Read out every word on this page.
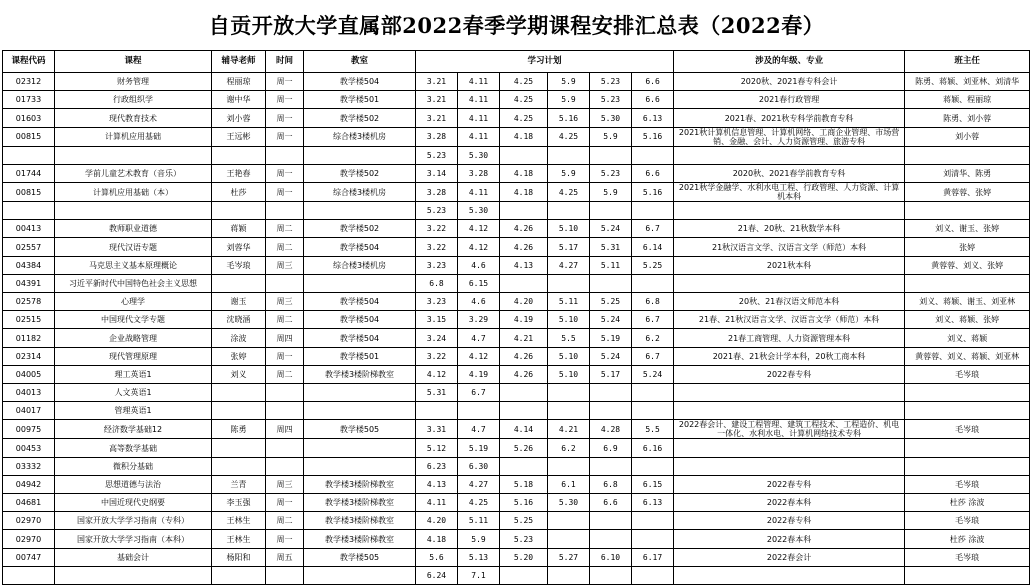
自贡开放大学直属部2022春季学期课程安排汇总表（2022春）
课程代码	课程	辅导老师	时间	教室	学习计划						涉及的年级、专业	班主任
02312	财务管理	程丽琼	周一	教学楼504	3.21	4.11	4.25	5.9	5.23	6.6	2020秋、2021春专科会计	陈勇、蒋颖、刘亚林、刘清华
01733	行政组织学	谢中华	周一	教学楼501	3.21	4.11	4.25	5.9	5.23	6.6	2021春行政管理	蒋颖、程丽琼
01603	现代教育技术	刘小蓉	周一	教学楼502	3.21	4.11	4.25	5.16	5.30	6.13	2021春、2021秋专科学前教育专科	陈勇、刘小蓉
00815	计算机应用基础	王远彬	周一	综合楼3楼机房	3.28	4.11	4.18	4.25	5.9	5.16	2021秋计算机信息管理、计算机网络、工商企业管理、市场营销、金融、会计、人力资源管理、旅游专科	刘小蓉
					5.23	5.30						
01744	学前儿童艺术教育（音乐）	王艳春	周一	教学楼502	3.14	3.28	4.18	5.9	5.23	6.6	2020秋、2021春学前教育专科	刘清华、陈勇
00815	计算机应用基础（本）	杜莎	周一	综合楼3楼机房	3.28	4.11	4.18	4.25	5.9	5.16	2021秋学金融学、水利水电工程、行政管理、人力资源、计算机本科	黄蓉蓉、张婷
					5.23	5.30						
00413	教师职业道德	蒋颖	周二	教学楼502	3.22	4.12	4.26	5.10	5.24	6.7	21春、20秋、21秋数学本科	刘义、谢玉、张婷
02557	现代汉语专题	刘蓉华	周二	教学楼504	3.22	4.12	4.26	5.17	5.31	6.14	21秋汉语言文学、汉语言文学（师范）本科	张婷
04384	马克思主义基本原理概论	毛岑琅	周三	综合楼3楼机房	3.23	4.6	4.13	4.27	5.11	5.25	2021秋本科	黄蓉蓉、刘义、张婷
04391	习近平新时代中国特色社会主义思想				6.8	6.15						
02578	心理学	谢玉	周三	教学楼504	3.23	4.6	4.20	5.11	5.25	6.8	20秋、21春汉语文师范本科	刘义、蒋颖、谢玉、刘亚林
02515	中国现代文学专题	沈晓涵	周二	教学楼504	3.15	3.29	4.19	5.10	5.24	6.7	21春、21秋汉语言文学、汉语言文学（师范）本科	刘义、蒋颖、张婷
01182	企业战略管理	涂波	周四	教学楼504	3.24	4.7	4.21	5.5	5.19	6.2	21春工商管理、人力资源管理本科	刘义、蒋颖
02314	现代管理原理	张婷	周一	教学楼501	3.22	4.12	4.26	5.10	5.24	6.7	2021春、21秋会计学本科，20秋工商本科	黄蓉蓉、刘义、蒋颖、刘亚林
04005	理工英语1	刘义	周二	教学楼3楼阶梯教室	4.12	4.19	4.26	5.10	5.17	5.24	2022春专科	毛岑琅
04013	人文英语1				5.31	6.7						
04017	管理英语1											
00975	经济数学基础12	陈勇	周四	教学楼505	3.31	4.7	4.14	4.21	4.28	5.5	2022春会计、建设工程管理、建筑工程技术、工程造价、机电一体化、水利水电、计算机网络技术专科	毛岑琅
00453	高等数学基础				5.12	5.19	5.26	6.2	6.9	6.16		
03332	微积分基础				6.23	6.30						
04942	思想道德与法治	兰青	周三	教学楼3楼阶梯教室	4.13	4.27	5.18	6.1	6.8	6.15	2022春专科	毛岑琅
04681	中国近现代史纲要	李玉强	周一	教学楼3楼阶梯教室	4.11	4.25	5.16	5.30	6.6	6.13	2022春本科	杜莎 涂波
02970	国家开放大学学习指南（专科）	王林生	周二	教学楼3楼阶梯教室	4.20	5.11	5.25				2022春专科	毛岑琅
02970	国家开放大学学习指南（本科）	王林生	周一	教学楼3楼阶梯教室	4.18	5.9	5.23				2022春本科	杜莎 涂波
00747	基础会计	杨阳和	周五	教学楼505	5.6	5.13	5.20	5.27	6.10	6.17	2022春会计	毛岑琅
					6.24	7.1						
